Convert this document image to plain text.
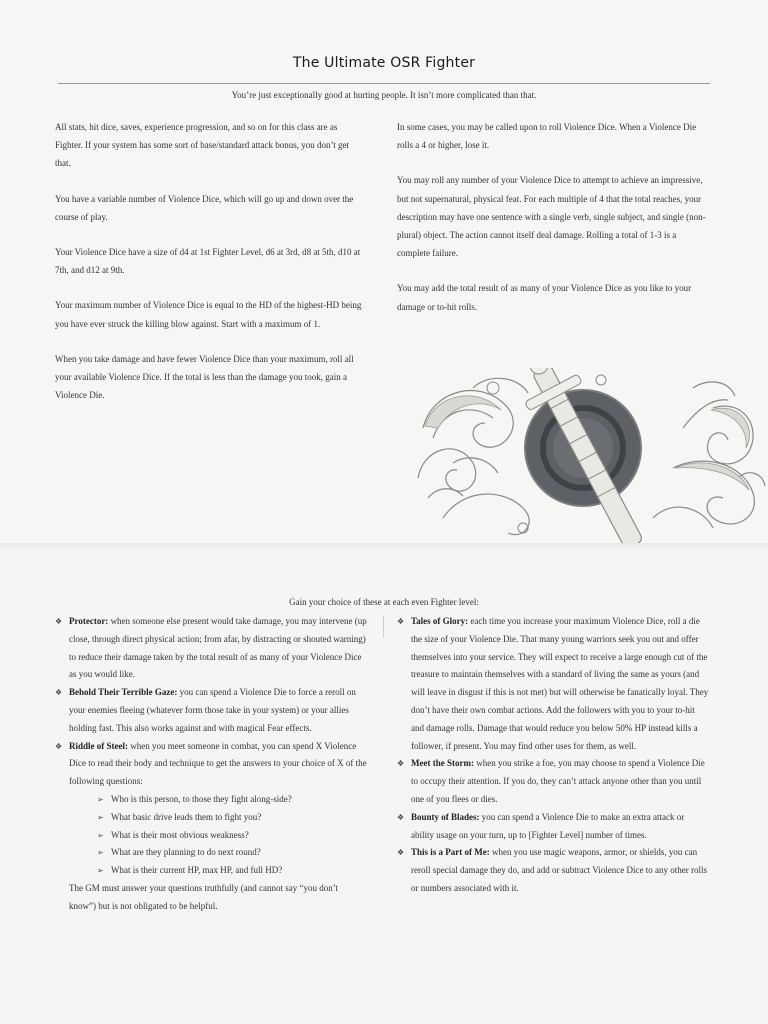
The Ultimate OSR Fighter
You’re just exceptionally good at hurting people. It isn’t more complicated than that.

All stats, hit dice, saves, experience progression, and so on for this class are as Fighter. If your system has some sort of base/standard attack bonus, you don’t get that.

You have a variable number of Violence Dice, which will go up and down over the course of play.

Your Violence Dice have a size of d4 at 1st Fighter Level, d6 at 3rd, d8 at 5th, d10 at 7th, and d12 at 9th.

Your maximum number of Violence Dice is equal to the HD of the highest-HD being you have ever struck the killing blow against. Start with a maximum of 1.

When you take damage and have fewer Violence Dice than your maximum, roll all your available Violence Dice. If the total is less than the damage you took, gain a Violence Die.

In some cases, you may be called upon to roll Violence Dice. When a Violence Die rolls a 4 or higher, lose it.

You may roll any number of your Violence Dice to attempt to achieve an impressive, but not supernatural, physical feat. For each multiple of 4 that the total reaches, your description may have one sentence with a single verb, single subject, and single (non-plural) object. The action cannot itself deal damage. Rolling a total of 1-3 is a complete failure.

You may add the total result of as many of your Violence Dice as you like to your damage or to-hit rolls.

Gain your choice of these at each even Fighter level:
❖ Protector: when someone else present would take damage, you may intervene (up close, through direct physical action; from afar, by distracting or shouted warning) to reduce their damage taken by the total result of as many of your Violence Dice as you would like.
❖ Behold Their Terrible Gaze: you can spend a Violence Die to force a reroll on your enemies fleeing (whatever form those take in your system) or your allies holding fast. This also works against and with magical Fear effects.
❖ Riddle of Steel: when you meet someone in combat, you can spend X Violence Dice to read their body and technique to get the answers to your choice of X of the following questions:
➢ Who is this person, to those they fight along-side?
➢ What basic drive leads them to fight you?
➢ What is their most obvious weakness?
➢ What are they planning to do next round?
➢ What is their current HP, max HP, and full HD?
The GM must answer your questions truthfully (and cannot say “you don’t know”) but is not obligated to be helpful.
❖ Tales of Glory: each time you increase your maximum Violence Dice, roll a die the size of your Violence Die. That many young warriors seek you out and offer themselves into your service. They will expect to receive a large enough cut of the treasure to maintain themselves with a standard of living the same as yours (and will leave in disgust if this is not met) but will otherwise be fanatically loyal. They don’t have their own combat actions. Add the followers with you to your to-hit and damage rolls. Damage that would reduce you below 50% HP instead kills a follower, if present. You may find other uses for them, as well.
❖ Meet the Storm: when you strike a foe, you may choose to spend a Violence Die to occupy their attention. If you do, they can’t attack anyone other than you until one of you flees or dies.
❖ Bounty of Blades: you can spend a Violence Die to make an extra attack or ability usage on your turn, up to [Fighter Level] number of times.
❖ This is a Part of Me: when you use magic weapons, armor, or shields, you can reroll special damage they do, and add or subtract Violence Dice to any other rolls or numbers associated with it.
